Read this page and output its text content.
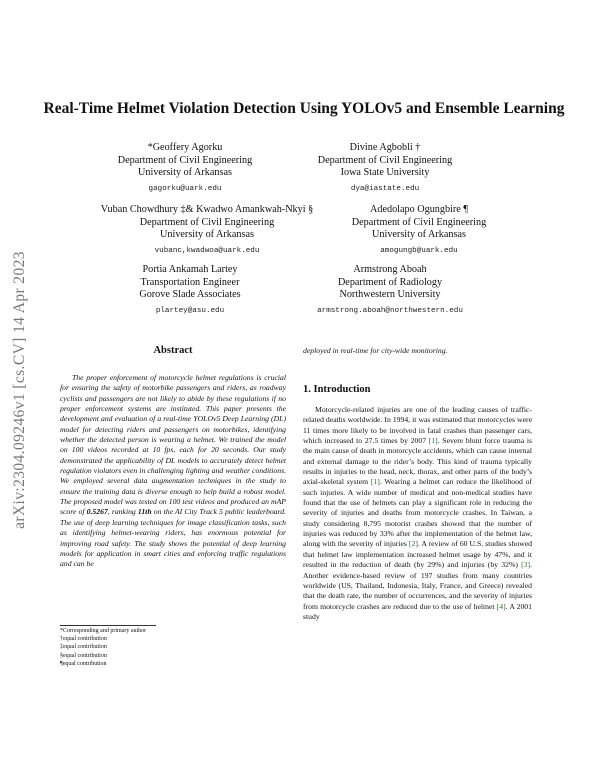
arXiv:2304.09246v1 [cs.CV] 14 Apr 2023
Real-Time Helmet Violation Detection Using YOLOv5 and Ensemble Learning
*Geoffery Agorku
Department of Civil Engineering
University of Arkansas
gagorku@uark.edu
Divine Agbobli †
Department of Civil Engineering
Iowa State University
dya@iastate.edu
Vuban Chowdhury ‡& Kwadwo Amankwah-Nkyi §
Department of Civil Engineering
University of Arkansas
vubanc,kwadwoa@uark.edu
Adedolapo Ogungbire ¶
Department of Civil Engineering
University of Arkansas
amogungb@uark.edu
Portia Ankamah Lartey
Transportation Engineer
Gorove Slade Associates
plartey@asu.edu
Armstrong Aboah
Department of Radiology
Northwestern University
armstrong.aboah@northwestern.edu
Abstract
The proper enforcement of motorcycle helmet regulations is crucial for ensuring the safety of motorbike passengers and riders, as roadway cyclists and passengers are not likely to abide by these regulations if no proper enforcement systems are instituted. This paper presents the development and evaluation of a real-time YOLOv5 Deep Learning (DL) model for detecting riders and passengers on motorbikes, identifying whether the detected person is wearing a helmet. We trained the model on 100 videos recorded at 10 fps, each for 20 seconds. Our study demonstrated the applicability of DL models to accurately detect helmet regulation violators even in challenging lighting and weather conditions. We employed several data augmentation techniques in the study to ensure the training data is diverse enough to help build a robust model. The proposed model was tested on 100 test videos and produced an mAP score of 0.5267, ranking 11th on the AI City Track 5 public leaderboard. The use of deep learning techniques for image classification tasks, such as identifying helmet-wearing riders, has enormous potential for improving road safety. The study shows the potential of deep learning models for application in smart cities and enforcing traffic regulations and can be
deployed in real-time for city-wide monitoring.
1. Introduction
Motorcycle-related injuries are one of the leading causes of traffic-related deaths worldwide. In 1994, it was estimated that motorcycles were 11 times more likely to be involved in fatal crashes than passenger cars, which increased to 27.5 times by 2007 [1]. Severe blunt force trauma is the main cause of death in motorcycle accidents, which can cause internal and external damage to the rider’s body. This kind of trauma typically results in injuries to the head, neck, thorax, and other parts of the body’s axial-skeletal system [1]. Wearing a helmet can reduce the likelihood of such injuries. A wide number of medical and non-medical studies have found that the use of helmets can play a significant role in reducing the severity of injuries and deaths from motorcycle crashes. In Taiwan, a study considering 8,795 motorist crashes showed that the number of injuries was reduced by 33% after the implementation of the helmet law, along with the severity of injuries [2]. A review of 60 U.S. studies showed that helmet law implementation increased helmet usage by 47%, and it resulted in the reduction of death (by 29%) and injuries (by 32%) [3]. Another evidence-based review of 197 studies from many countries worldwide (US, Thailand, Indonesia, Italy, France, and Greece) revealed that the death rate, the number of occurrences, and the severity of injuries from motorcycle crashes are reduced due to the use of helmet [4]. A 2001 study
*Corresponding and primary author
†equal contribution
‡equal contribution
§equal contribution
¶equal contribution
